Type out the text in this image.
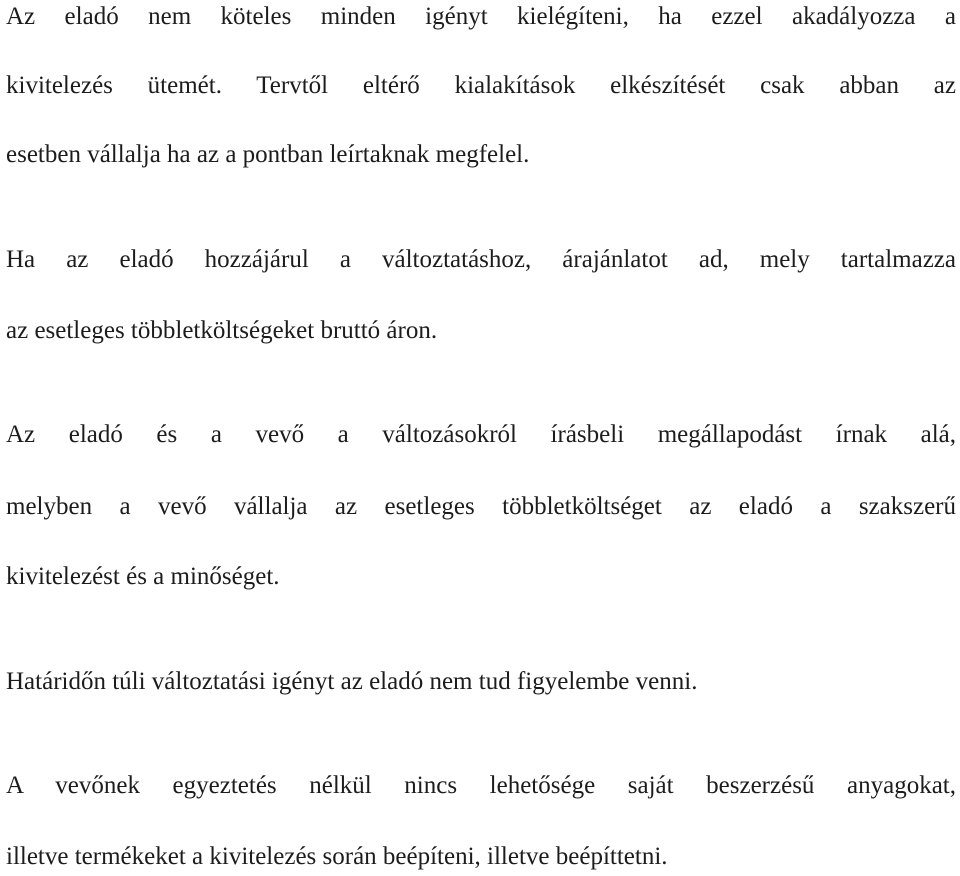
Az eladó nem köteles minden igényt kielégíteni, ha ezzel akadályozza a
kivitelezés ütemét. Tervtől eltérő kialakítások elkészítését csak abban az
esetben vállalja ha az a pontban leírtaknak megfelel.
Ha az eladó hozzájárul a változtatáshoz, árajánlatot ad, mely tartalmazza
az esetleges többletköltségeket bruttó áron.
Az eladó és a vevő a változásokról írásbeli megállapodást írnak alá,
melyben a vevő vállalja az esetleges többletköltséget az eladó a szakszerű
kivitelezést és a minőséget.
Határidőn túli változtatási igényt az eladó nem tud figyelembe venni.
A vevőnek egyeztetés nélkül nincs lehetősége saját beszerzésű anyagokat,
illetve termékeket a kivitelezés során beépíteni, illetve beépíttetni.
